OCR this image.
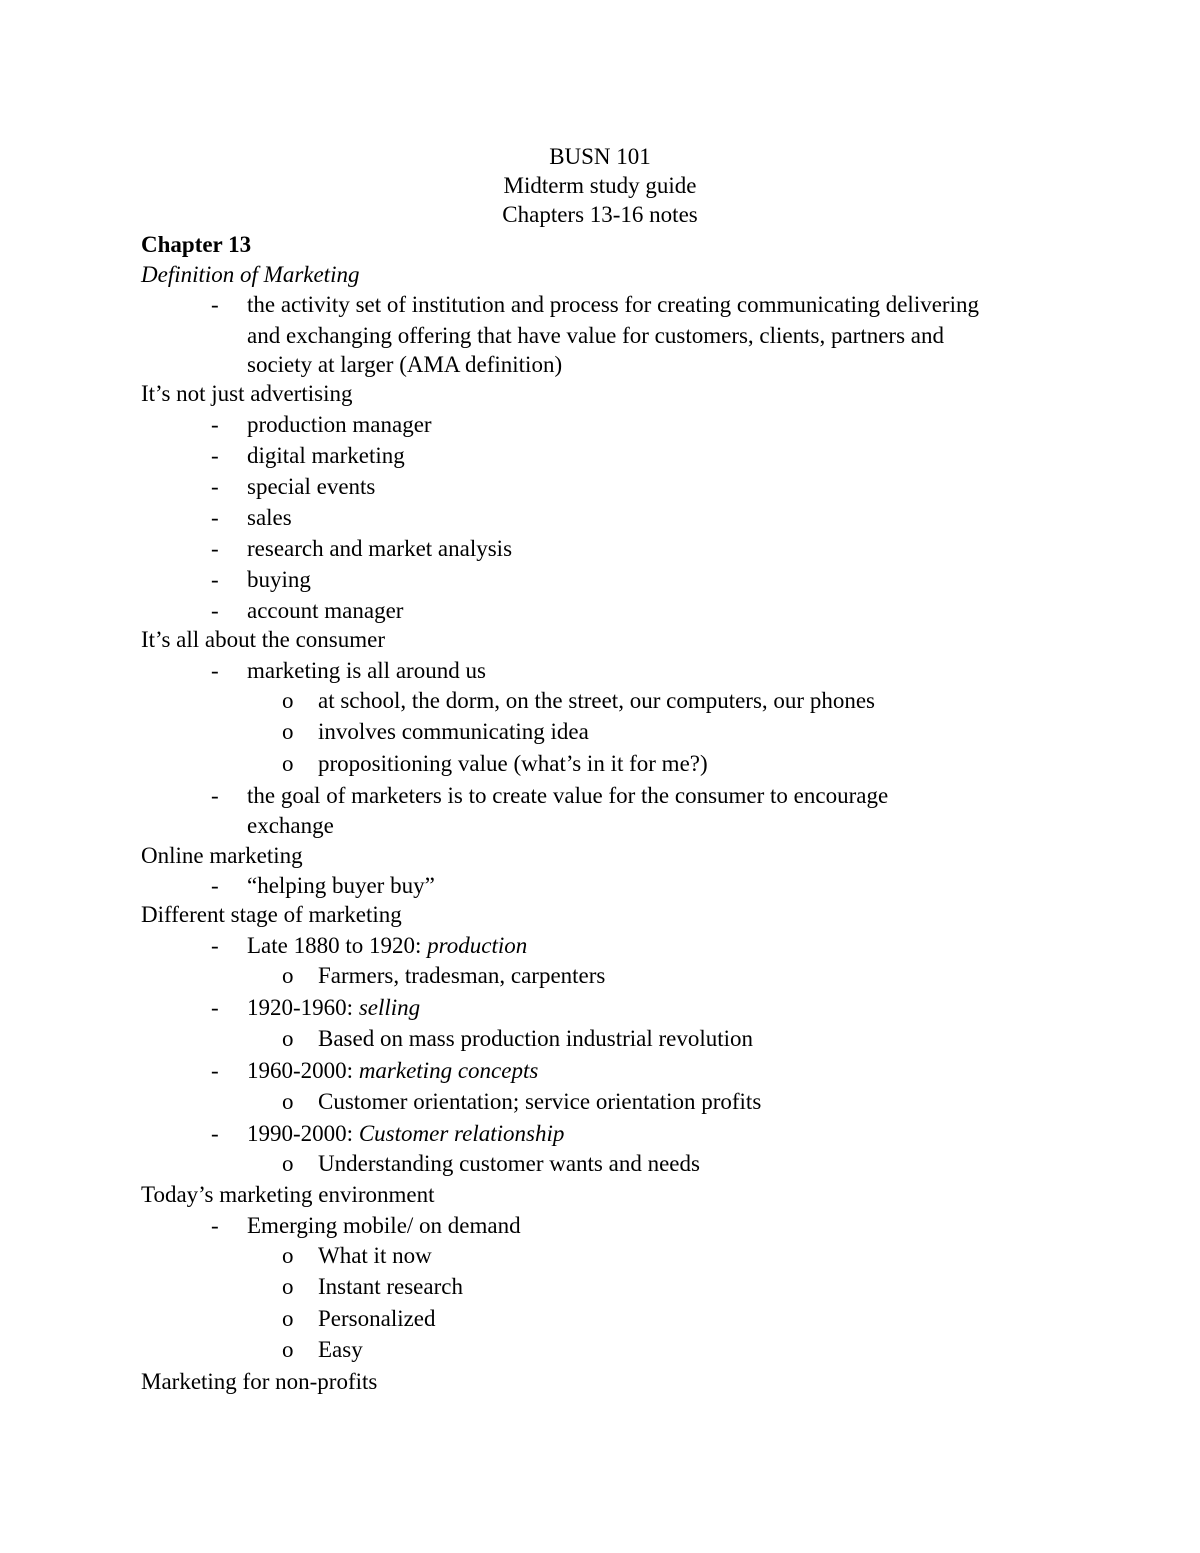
BUSN 101
Midterm study guide
Chapters 13-16 notes
Chapter 13
Definition of Marketing
- the activity set of institution and process for creating communicating delivering
and exchanging offering that have value for customers, clients, partners and
society at larger (AMA definition)
It’s not just advertising
- production manager
- digital marketing
- special events
- sales
- research and market analysis
- buying
- account manager
It’s all about the consumer
- marketing is all around us
o at school, the dorm, on the street, our computers, our phones
o involves communicating idea
o propositioning value (what’s in it for me?)
- the goal of marketers is to create value for the consumer to encourage
exchange
Online marketing
- “helping buyer buy”
Different stage of marketing
- Late 1880 to 1920: production
o Farmers, tradesman, carpenters
- 1920-1960: selling
o Based on mass production industrial revolution
- 1960-2000: marketing concepts
o Customer orientation; service orientation profits
- 1990-2000: Customer relationship
o Understanding customer wants and needs
Today’s marketing environment
- Emerging mobile/ on demand
o What it now
o Instant research
o Personalized
o Easy
Marketing for non-profits
